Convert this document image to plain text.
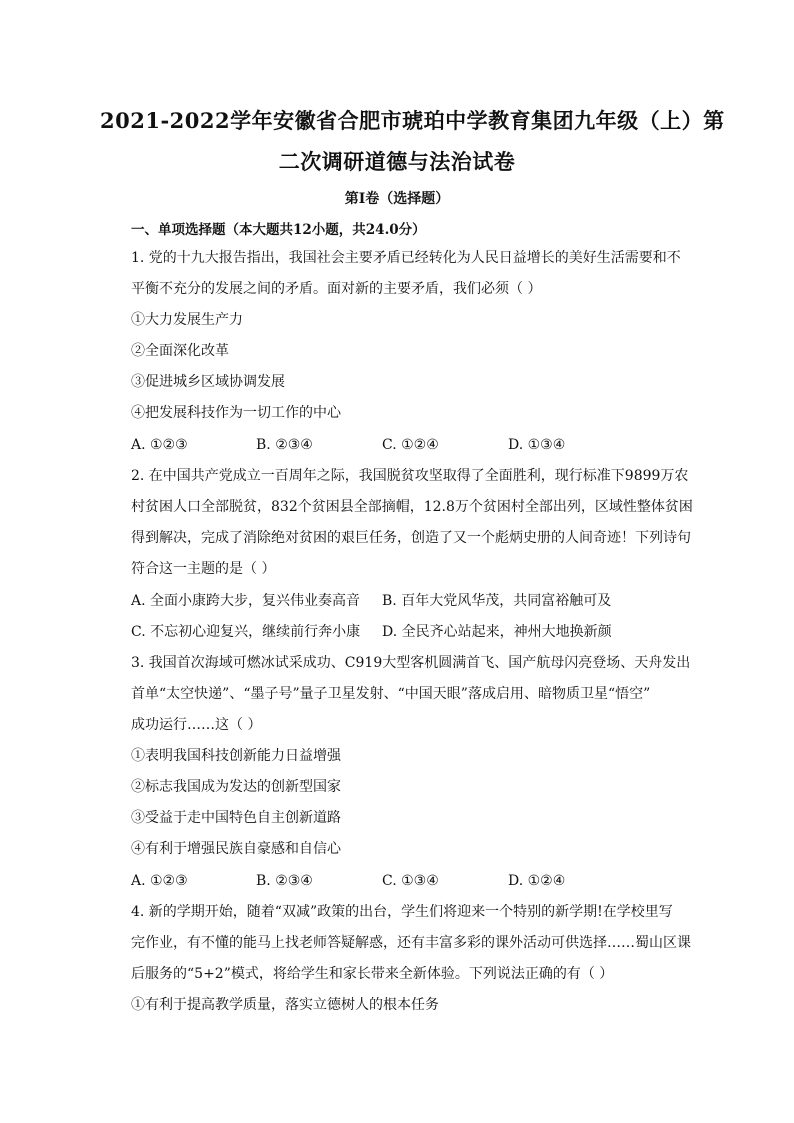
2021-2022学年安徽省合肥市琥珀中学教育集团九年级（上）第
二次调研道德与法治试卷
第I卷（选择题）
一、单项选择题（本大题共12小题，共24.0分）
1. 党的十九大报告指出，我国社会主要矛盾已经转化为人民日益增长的美好生活需要和不
平衡不充分的发展之间的矛盾。面对新的主要矛盾，我们必须（ ）
①大力发展生产力
②全面深化改革
③促进城乡区域协调发展
④把发展科技作为一切工作的中心
A. ①②③	B. ②③④	C. ①②④	D. ①③④
2. 在中国共产党成立一百周年之际，我国脱贫攻坚取得了全面胜利，现行标准下9899万农
村贫困人口全部脱贫，832个贫困县全部摘帽，12.8万个贫困村全部出列，区域性整体贫困
得到解决，完成了消除绝对贫困的艰巨任务，创造了又一个彪炳史册的人间奇迹！下列诗句
符合这一主题的是（ ）
A. 全面小康跨大步，复兴伟业奏高音 B. 百年大党风华茂，共同富裕触可及
C. 不忘初心迎复兴，继续前行奔小康 D. 全民齐心站起来，神州大地换新颜
3. 我国首次海域可燃冰试采成功、C919大型客机圆满首飞、国产航母闪亮登场、天舟发出
首单“太空快递”、“墨子号”量子卫星发射、“中国天眼”落成启用、暗物质卫星“悟空”
成功运行……这（ ）
①表明我国科技创新能力日益增强
②标志我国成为发达的创新型国家
③受益于走中国特色自主创新道路
④有利于增强民族自豪感和自信心
A. ①②③	B. ②③④	C. ①③④	D. ①②④
4. 新的学期开始，随着“双减”政策的出台，学生们将迎来一个特别的新学期!在学校里写
完作业，有不懂的能马上找老师答疑解惑，还有丰富多彩的课外活动可供选择……蜀山区课
后服务的“5+2”模式，将给学生和家长带来全新体验。下列说法正确的有（ ）
①有利于提高教学质量，落实立德树人的根本任务
